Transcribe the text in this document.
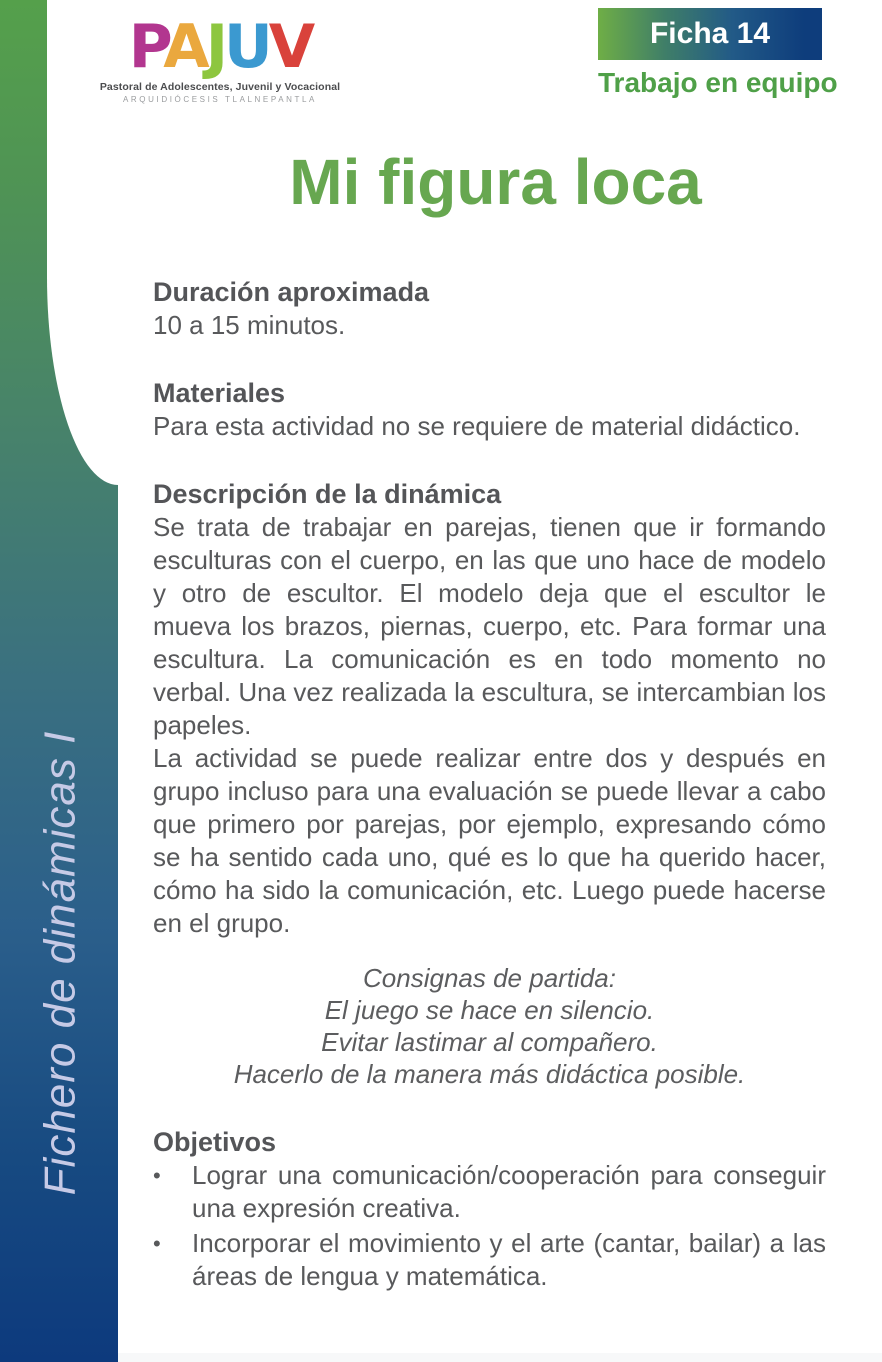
Fichero de dinámicas I
PAJUV
Pastoral de Adolescentes, Juvenil y Vocacional
ARQUIDIÓCESIS TLALNEPANTLA
Ficha 14
Trabajo en equipo
Mi figura loca
Duración aproximada

10 a 15 minutos.

Materiales

Para esta actividad no se requiere de material didáctico.

Descripción de la dinámica

Se trata de trabajar en parejas, tienen que ir formando esculturas con el cuerpo, en las que uno hace de modelo y otro de escultor. El modelo deja que el escultor le mueva los brazos, piernas, cuerpo, etc. Para formar una escultura. La comunicación es en todo momento no verbal. Una vez realizada la escultura, se intercambian los papeles.

La actividad se puede realizar entre dos y después en grupo incluso para una evaluación se puede llevar a cabo que primero por parejas, por ejemplo, expresando cómo se ha sentido cada uno, qué es lo que ha querido hacer, cómo ha sido la comunicación, etc. Luego puede hacerse en el grupo.

Consignas de partida:
El juego se hace en silencio.
Evitar lastimar al compañero.
Hacerlo de la manera más didáctica posible.
Objetivos
•	Lograr una comunicación/cooperación para conseguir una expresión creativa.
•	Incorporar el movimiento y el arte (cantar, bailar) a las áreas de lengua y matemática.
